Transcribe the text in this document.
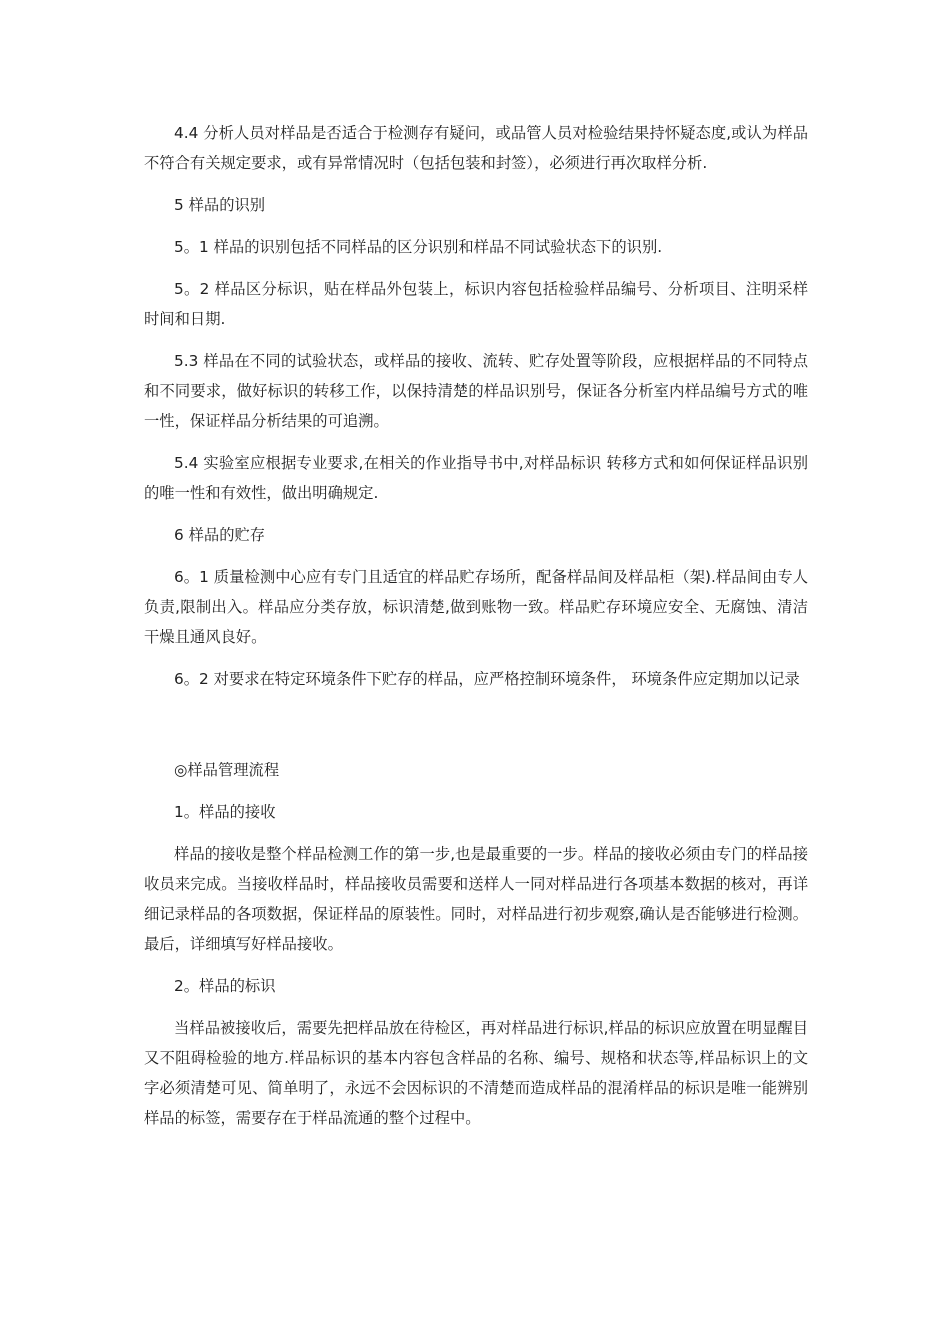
4.4 分析人员对样品是否适合于检测存有疑问，或品管人员对检验结果持怀疑态度,或认为样品不符合有关规定要求，或有异常情况时（包括包装和封签），必须进行再次取样分析.

5 样品的识别

5。1 样品的识别包括不同样品的区分识别和样品不同试验状态下的识别.

5。2 样品区分标识，贴在样品外包装上，标识内容包括检验样品编号、分析项目、注明采样时间和日期.

5.3 样品在不同的试验状态，或样品的接收、流转、贮存处置等阶段，应根据样品的不同特点和不同要求，做好标识的转移工作，以保持清楚的样品识别号，保证各分析室内样品编号方式的唯一性，保证样品分析结果的可追溯。

5.4 实验室应根据专业要求,在相关的作业指导书中,对样品标识 转移方式和如何保证样品识别的唯一性和有效性，做出明确规定.

6 样品的贮存

6。1 质量检测中心应有专门且适宜的样品贮存场所，配备样品间及样品柜（架).样品间由专人负责,限制出入。样品应分类存放，标识清楚,做到账物一致。样品贮存环境应安全、无腐蚀、清洁干燥且通风良好。

6。2 对要求在特定环境条件下贮存的样品，应严格控制环境条件， 环境条件应定期加以记录

◎样品管理流程

1。样品的接收

样品的接收是整个样品检测工作的第一步,也是最重要的一步。样品的接收必须由专门的样品接收员来完成。当接收样品时，样品接收员需要和送样人一同对样品进行各项基本数据的核对，再详细记录样品的各项数据，保证样品的原装性。同时，对样品进行初步观察,确认是否能够进行检测。最后，详细填写好样品接收。

2。样品的标识

当样品被接收后，需要先把样品放在待检区，再对样品进行标识,样品的标识应放置在明显醒目又不阻碍检验的地方.样品标识的基本内容包含样品的名称、编号、规格和状态等,样品标识上的文字必须清楚可见、简单明了，永远不会因标识的不清楚而造成样品的混淆样品的标识是唯一能辨别样品的标签，需要存在于样品流通的整个过程中。
